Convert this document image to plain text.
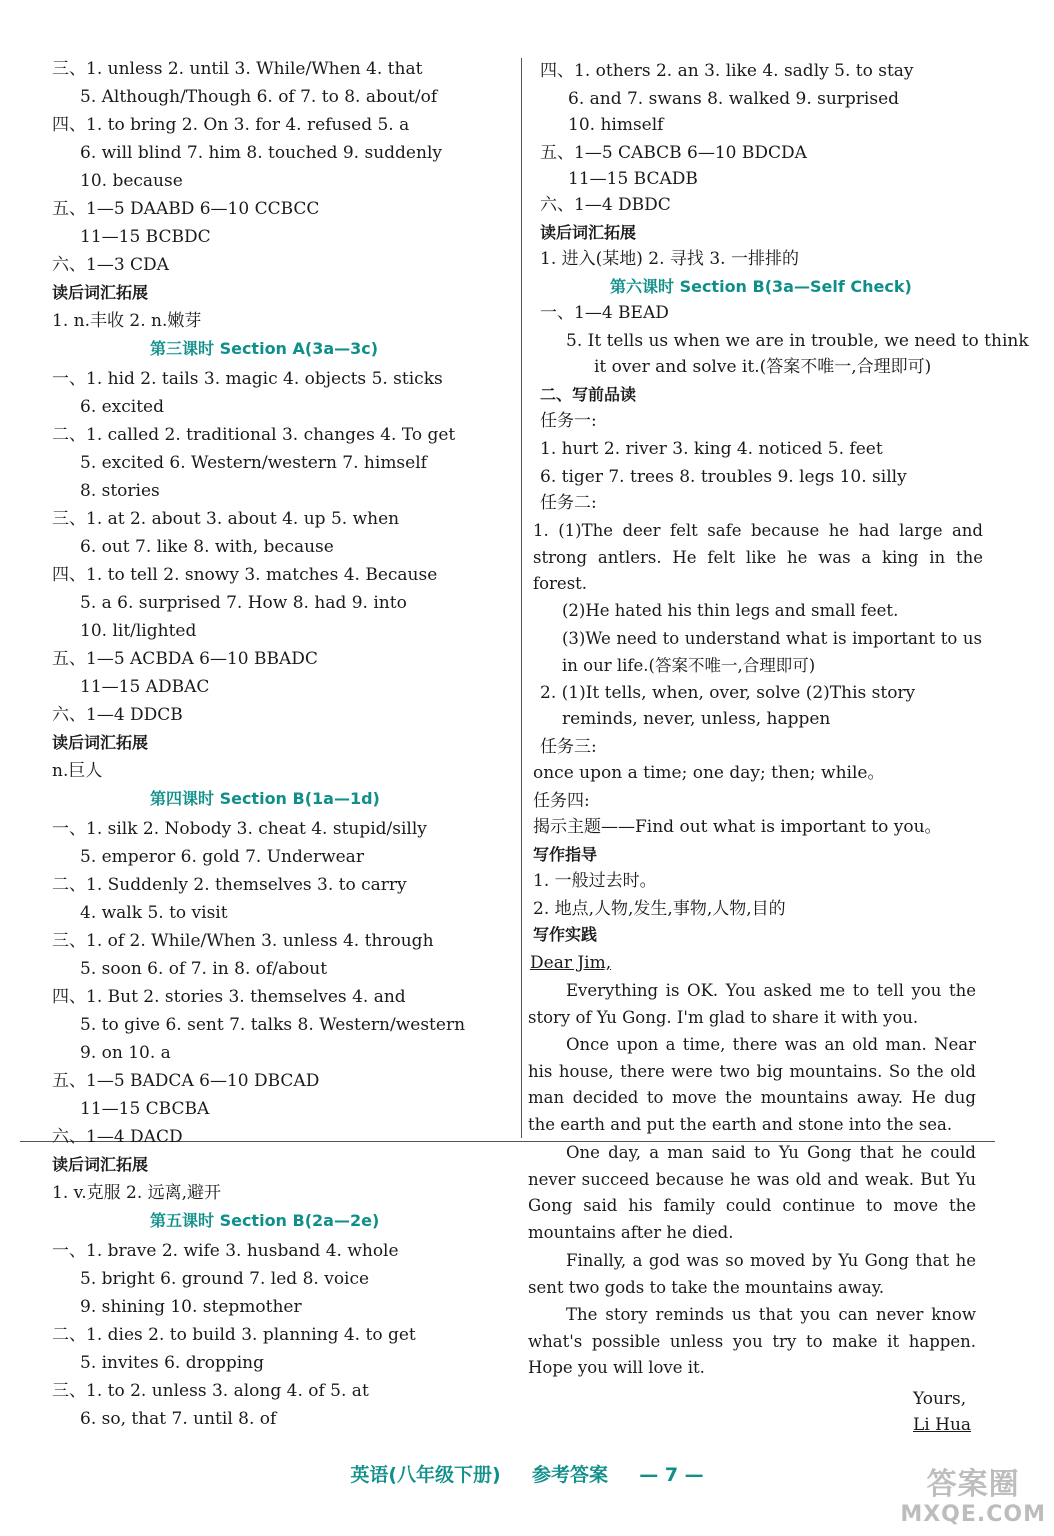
1. (1)The deer felt safe because he had large and strong antlers. He felt like he was a king in the forest.
(2)He hated his thin legs and small feet.
(3)We need to understand what is important to us in our life.(答案不唯一,合理即可)
Dear Jim,
Everything is OK. You asked me to tell you the story of Yu Gong. I'm glad to share it with you.
Once upon a time, there was an old man. Near his house, there were two big mountains. So the old man decided to move the mountains away. He dug the earth and put the earth and stone into the sea.
One day, a man said to Yu Gong that he could never succeed because he was old and weak. But Yu Gong said his family could continue to move the mountains after he died.
Finally, a god was so moved by Yu Gong that he sent two gods to take the mountains away.
The story reminds us that you can never know what's possible unless you try to make it happen. Hope you will love it.
Yours,
Li Hua
英语(八年级下册) 参考答案 — 7 —	答案圈
MXQE.COM
三、1. unless 2. until 3. While/When 4. that
5. Although/Though 6. of 7. to 8. about/of
四、1. to bring 2. On 3. for 4. refused 5. a
6. will blind 7. him 8. touched 9. suddenly
10. because
五、1—5 DAABD 6—10 CCBCC
11—15 BCBDC
六、1—3 CDA
读后词汇拓展
1. n.丰收 2. n.嫩芽
第三课时 Section A(3a—3c)
一、1. hid 2. tails 3. magic 4. objects 5. sticks
6. excited
二、1. called 2. traditional 3. changes 4. To get
5. excited 6. Western/western 7. himself
8. stories
三、1. at 2. about 3. about 4. up 5. when
6. out 7. like 8. with, because
四、1. to tell 2. snowy 3. matches 4. Because
5. a 6. surprised 7. How 8. had 9. into
10. lit/lighted
五、1—5 ACBDA 6—10 BBADC
11—15 ADBAC
六、1—4 DDCB
读后词汇拓展
n.巨人
第四课时 Section B(1a—1d)
一、1. silk 2. Nobody 3. cheat 4. stupid/silly
5. emperor 6. gold 7. Underwear
二、1. Suddenly 2. themselves 3. to carry
4. walk 5. to visit
三、1. of 2. While/When 3. unless 4. through
5. soon 6. of 7. in 8. of/about
四、1. But 2. stories 3. themselves 4. and
5. to give 6. sent 7. talks 8. Western/western
9. on 10. a
五、1—5 BADCA 6—10 DBCAD
11—15 CBCBA
六、1—4 DACD
读后词汇拓展
1. v.克服 2. 远离,避开
第五课时 Section B(2a—2e)
一、1. brave 2. wife 3. husband 4. whole
5. bright 6. ground 7. led 8. voice
9. shining 10. stepmother
二、1. dies 2. to build 3. planning 4. to get
5. invites 6. dropping
三、1. to 2. unless 3. along 4. of 5. at
6. so, that 7. until 8. of
四、1. others 2. an 3. like 4. sadly 5. to stay
6. and 7. swans 8. walked 9. surprised
10. himself
五、1—5 CABCB 6—10 BDCDA
11—15 BCADB
六、1—4 DBDC
读后词汇拓展
1. 进入(某地) 2. 寻找 3. 一排排的
第六课时 Section B(3a—Self Check)
一、1—4 BEAD
5. It tells us when we are in trouble, we need to think
it over and solve it.(答案不唯一,合理即可)
二、写前品读
任务一:
1. hurt 2. river 3. king 4. noticed 5. feet
6. tiger 7. trees 8. troubles 9. legs 10. silly
任务二:
2. (1)It tells, when, over, solve (2)This story
reminds, never, unless, happen
任务三:
once upon a time; one day; then; while。
任务四:
揭示主题——Find out what is important to you。
写作指导
1. 一般过去时。
2. 地点,人物,发生,事物,人物,目的
写作实践
